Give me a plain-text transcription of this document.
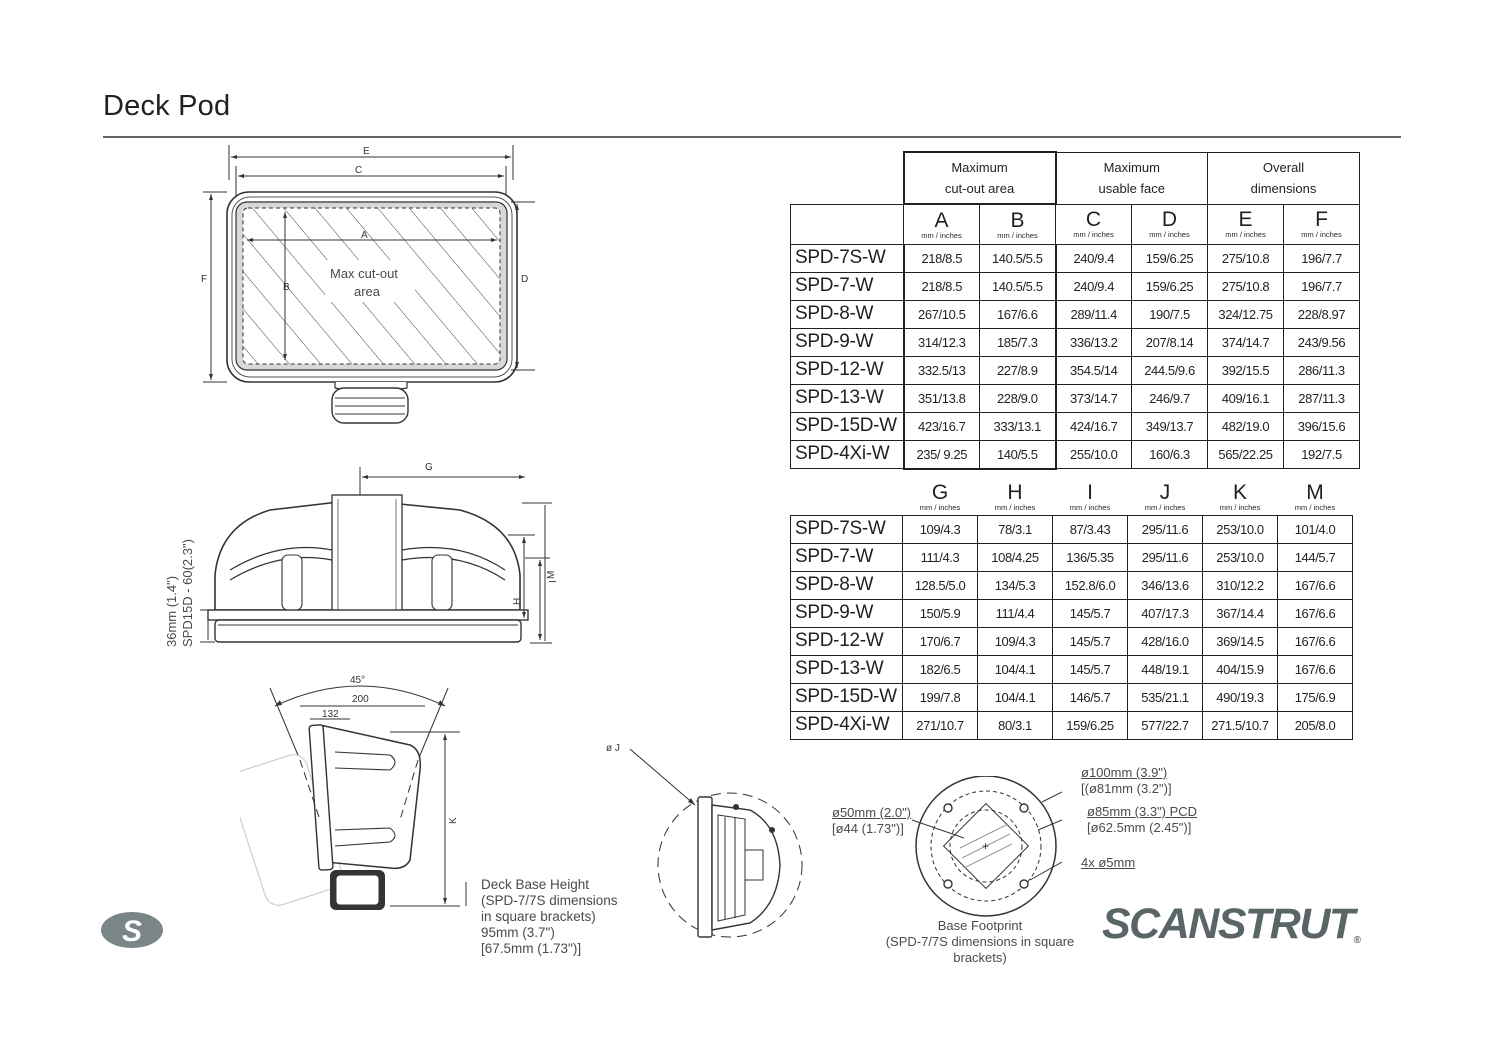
Deck Pod
E
C
Max cut-out
area
A
B
D
F
36mm (1.4") SPD15D - 60(2.3")
G
H
I
M
45°
200
132
K
ø J
+
ø100mm (3.9")
[(ø81mm (3.2")]
ø85mm (3.3") PCD
[ø62.5mm (2.45")]
ø50mm (2.0")
[ø44 (1.73")]
4x ø5mm
Base Footprint
(SPD-7/7S dimensions in square
brackets)
Deck Base Height
(SPD-7/7S dimensions
in square brackets)
95mm (3.7")
[67.5mm (1.73")]
	Maximum
cut-out area		Maximum
usable face		Overall
dimensions	

	A
mm / inches	B
mm / inches	C
mm / inches	D
mm / inches	E
mm / inches	F
mm / inches

SPD-7S-W	218/8.5	140.5/5.5	240/9.4	159/6.25	275/10.8	196/7.7
SPD-7-W	218/8.5	140.5/5.5	240/9.4	159/6.25	275/10.8	196/7.7
SPD-8-W	267/10.5	167/6.6	289/11.4	190/7.5	324/12.75	228/8.97
SPD-9-W	314/12.3	185/7.3	336/13.2	207/8.14	374/14.7	243/9.56
SPD-12-W	332.5/13	227/8.9	354.5/14	244.5/9.6	392/15.5	286/11.3
SPD-13-W	351/13.8	228/9.0	373/14.7	246/9.7	409/16.1	287/11.3
SPD-15D-W	423/16.7	333/13.1	424/16.7	349/13.7	482/19.0	396/15.6
SPD-4Xi-W	235/ 9.25	140/5.5	255/10.0	160/6.3	565/22.25	192/7.5

	G
mm / inches	H
mm / inches	I
mm / inches	J
mm / inches	K
mm / inches	M
mm / inches

SPD-7S-W	109/4.3	78/3.1	87/3.43	295/11.6	253/10.0	101/4.0
SPD-7-W	111/4.3	108/4.25	136/5.35	295/11.6	253/10.0	144/5.7
SPD-8-W	128.5/5.0	134/5.3	152.8/6.0	346/13.6	310/12.2	167/6.6
SPD-9-W	150/5.9	111/4.4	145/5.7	407/17.3	367/14.4	167/6.6
SPD-12-W	170/6.7	109/4.3	145/5.7	428/16.0	369/14.5	167/6.6
SPD-13-W	182/6.5	104/4.1	145/5.7	448/19.1	404/15.9	167/6.6
SPD-15D-W	199/7.8	104/4.1	146/5.7	535/21.1	490/19.3	175/6.9
SPD-4Xi-W	271/10.7	80/3.1	159/6.25	577/22.7	271.5/10.7	205/8.0
S	SCANSTRUT®
